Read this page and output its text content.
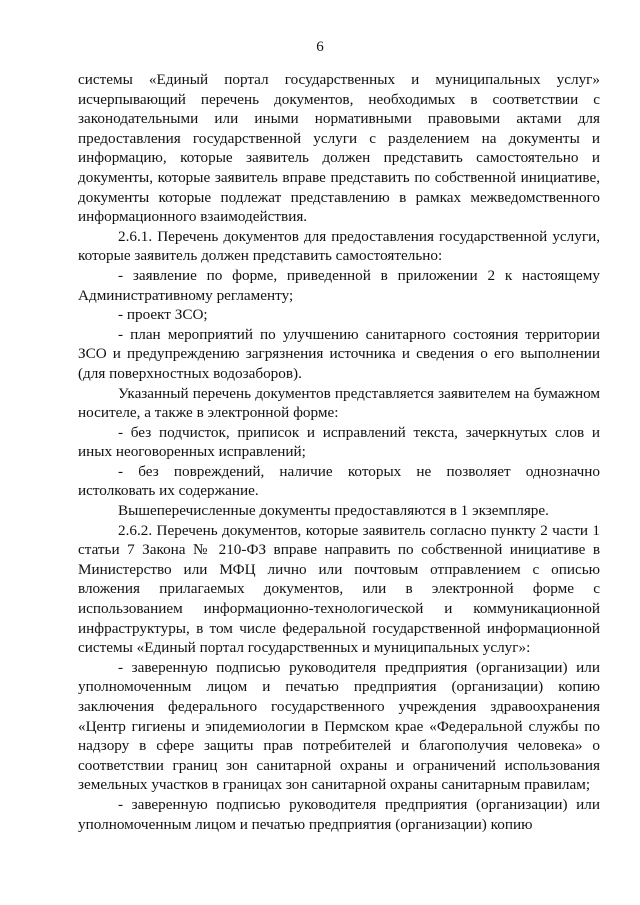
6

системы «Единый портал государственных и муниципальных услуг» исчерпывающий перечень документов, необходимых в соответствии с законодательными или иными нормативными правовыми актами для предоставления государственной услуги с разделением на документы и информацию, которые заявитель должен представить самостоятельно и документы, которые заявитель вправе представить по собственной инициативе, документы которые подлежат представлению в рамках межведомственного информационного взаимодействия.

2.6.1. Перечень документов для предоставления государственной услуги, которые заявитель должен представить самостоятельно:

- заявление по форме, приведенной в приложении 2 к настоящему Административному регламенту;

- проект ЗСО;

- план мероприятий по улучшению санитарного состояния территории ЗСО и предупреждению загрязнения источника и сведения о его выполнении (для поверхностных водозаборов).

Указанный перечень документов представляется заявителем на бумажном носителе, а также в электронной форме:

- без подчисток, приписок и исправлений текста, зачеркнутых слов и иных неоговоренных исправлений;

- без повреждений, наличие которых не позволяет однозначно истолковать их содержание.

Вышеперечисленные документы предоставляются в 1 экземпляре.

2.6.2. Перечень документов, которые заявитель согласно пункту 2 части 1 статьи 7 Закона № 210-ФЗ вправе направить по собственной инициативе в Министерство или МФЦ лично или почтовым отправлением с описью вложения прилагаемых документов, или в электронной форме с использованием информационно-технологической и коммуникационной инфраструктуры, в том числе федеральной государственной информационной системы «Единый портал государственных и муниципальных услуг»:

- заверенную подписью руководителя предприятия (организации) или уполномоченным лицом и печатью предприятия (организации) копию заключения федерального государственного учреждения здравоохранения «Центр гигиены и эпидемиологии в Пермском крае «Федеральной службы по надзору в сфере защиты прав потребителей и благополучия человека» о соответствии границ зон санитарной охраны и ограничений использования земельных участков в границах зон санитарной охраны санитарным правилам;

- заверенную подписью руководителя предприятия (организации) или уполномоченным лицом и печатью предприятия (организации) копию
